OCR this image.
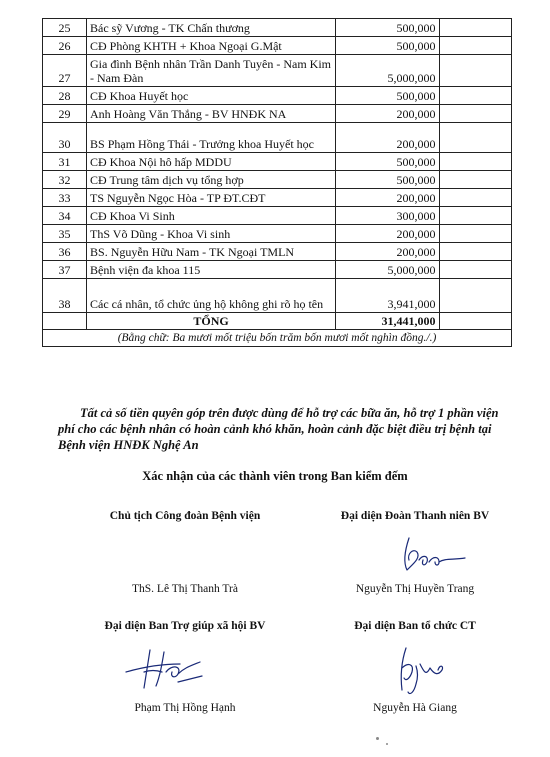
25	Bác sỹ Vương - TK Chấn thương	500,000	
26	CĐ Phòng KHTH + Khoa Ngoại G.Mật	500,000	
27	Gia đình Bệnh nhân Trần Danh Tuyên - Nam Kim - Nam Đàn	5,000,000	
28	CĐ Khoa Huyết học	500,000	
29	Anh Hoàng Văn Thắng - BV HNĐK NA	200,000	
30	BS Phạm Hồng Thái - Trưởng khoa Huyết học	200,000	
31	CĐ Khoa Nội hô hấp MDDU	500,000	
32	CĐ Trung tâm dịch vụ tổng hợp	500,000	
33	TS Nguyễn Ngọc Hòa - TP ĐT.CĐT	200,000	
34	CĐ Khoa Vi Sinh	300,000	
35	ThS Võ Dũng - Khoa Vi sinh	200,000	
36	BS. Nguyễn Hữu Nam - TK Ngoại TMLN	200,000	
37	Bệnh viện đa khoa 115	5,000,000	
38	Các cá nhân, tổ chức ủng hộ không ghi rõ họ tên	3,941,000	
	TỔNG	31,441,000	
(Bằng chữ: Ba mươi mốt triệu bốn trăm bốn mươi mốt nghìn đồng./.)			

Tất cả số tiền quyên góp trên được dùng để hỗ trợ các bữa ăn, hỗ trợ 1 phần viện phí cho các bệnh nhân có hoàn cảnh khó khăn, hoàn cảnh đặc biệt điều trị bệnh tại Bệnh viện HNĐK Nghệ An

Xác nhận của các thành viên trong Ban kiểm đếm
Chủ tịch Công đoàn Bệnh viện
ThS. Lê Thị Thanh Trà
Đại diện Đoàn Thanh niên BV
Nguyễn Thị Huyền Trang
Đại diện Ban Trợ giúp xã hội BV
Phạm Thị Hồng Hạnh
Đại diện Ban tổ chức CT
Nguyễn Hà Giang
